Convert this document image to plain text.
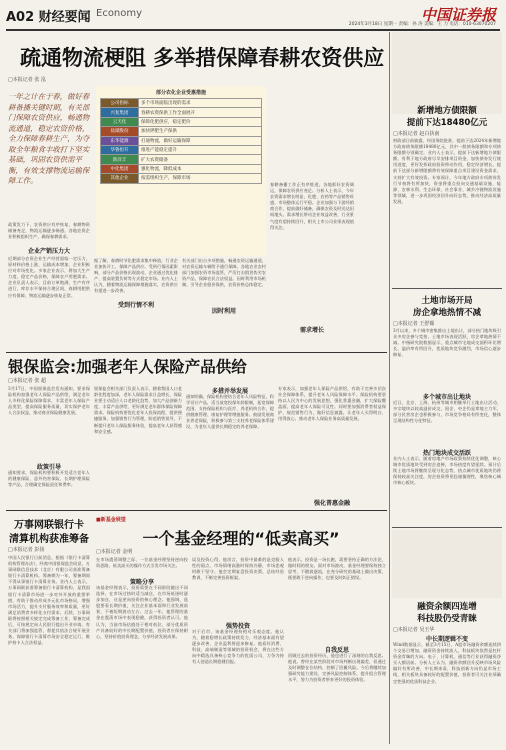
A02 财经要闻 Economy	中国证券报
2024年3月18日 星期一 责编：孙 涛 美编：王 力 电话：010-63070207
疏通物流梗阻 多举措保障春耕农资供应
□本报记者 张 泓
一年之计在于春，做好春耕备播关键时期，有关部门保障农资供应，畅通物流通道，稳定农资价格，全力保障春耕生产，为夺取全年粮食丰收打下坚实基础，巩固农资供需平衡，有效支撑物流运输保障工作。
部分农化企业受惠措施
公司指标	多个市场面临出现的需求
兴复集团	春耕农资保供工作全面展开
云天化	保障化肥供应，稳定肥价
盐湖股份	加快钾肥生产保供
东华能源	打通物流，做好运输保障
华鲁恒升	推进产能稳定提升
新洋丰	扩大农资储备
中化集团	强化物流，降低成本
其他企业	按需组织生产，保障市场
政策发力下，农资供应有序恢复，春耕物资储备充足，物流运输逐步畅通，各地农资企业积极组织生产，确保春耕需求。
企业产销压力大
近期部分农资企业生产经营面临一定压力，原材料价格上涨，运输成本增加，企业积极应对市场变化。多家企业表示，将加大生产力度，稳定产品价格，保障农户用肥需求。企业负责人表示，目前订单饱满，生产有序进行，库存水平保持合理区间，春耕用肥供应有保障，物流运输逐步恢复正常。
据了解，春耕时节化肥需求集中释放，行业企业加快开工，保障产品供应。受到行情因素影响，部分产品价格出现波动，企业通过优化排产、提高装置负荷等方式稳定市场。业内人士认为，随着物流运输保障措施落实，农资供应有望进一步改善。
受到行情不利
有关部门出台多项措施，畅通农资运输通道，对农资运输车辆给予通行保障。各地农业农村部门加强农资市场监管，严厉打击假冒伪劣农资产品，保障农民合法权益。因时利用市场机制，引导企业稳价保供，农资价格总体稳定。
因时利用
春耕备播工作正有序推进，各地抓好农资调运，保障农资供应充足。分析人士表示，今年农资需求增长明显，化肥、农药等产品销售旺盛，市场整体运行平稳。企业加强与下游经销商合作，提前做好储备，确保农资及时送达田间地头。需求增长带动企业效益改善，行业景气度有望持续回升，相关上市公司业绩表现值得关注。
需求增长
新增地方债限额
提前下达18480亿元
□本报记者 赵白执南
财政部日前披露，经国务院批准，提前下达2024年新增地方政府债务限额18480亿元，其中一般债务限额和专项债务限额分别确定。业内人士表示，提前下达新增地方债限额，有利于地方政府尽早安排项目资金，加快债券发行使用进度，更好发挥政府投资带动作用，稳定经济增长。提前下达部分新增限额将有效保障重点项目建设资金需求，支持扩大有效投资。专家预计，今年地方政府专项债券发行节奏将有所加快，资金将重点投向交通基础设施、能源、农林水利、生态环保、社会事业、城乡冷链物流设施等领域，进一步巩固经济回升向好态势，推动经济高质量发展。
土地市场开局
房企拿地热情不减
□本报记者 王舒嫄
3月以来，多个城市密集推出土地出让，部分热门地块吸引众多房企参与竞拍，土地市场表现活跃，房企拿地热情不减。中指研究院数据显示，重点城市宅地成交面积环比增长，溢价率有所回升，优质地块竞争激烈，市场信心逐步修复。
多个城市出让地块
近日，北京、上海、杭州等城市相继举行土地出让活动，多宗地块以较高溢价成交，国企、央企仍是拿地主力军，部分民营房企也积极参与，市场竞争格局有所变化，整体呈现结构性分化特征。
热门地块成交活跃
业内人士表示，随着房地产市场政策持续优化调整，核心城市优质地块受到房企追捧，市场热度有望延续。预计后续土地市场将继续呈现分化态势，热点城市优质地块仍将保持较高关注度，房企投资将更趋谨慎理性，聚焦核心城市核心板块。
银保监会:加强老年人保险产品供给
□本报记者 张 超
3月17日，中国银保监会发布通知，要求保险机构加强老年人保险产品供给，满足老年人多样化保险保障需求，丰富老年人保险产品类型，提高保险服务质量，切实保护老年人合法权益，推动商业保险健康发展。
政策引导
通知要求，保险机构要积极开发适合老年人的健康保险、意外伤害保险、长期护理保险等产品，合理确定保险责任和费率。
银保监会相关部门负责人表示，随着我国人口老龄化程度加深，老年人保险需求日益增长，保险业要主动适应人口老龄化趋势，加大产品创新力度，丰富产品供给，更好满足老年群体保险保障需求。保险机构要优化老年人投保流程，提供便捷服务，加强销售行为管理，防范销售误导，不断提升老年人保险服务体验，提高老年人获得感和安全感。
多措并举发展
通知明确，保险机构要结合老年人风险特征，科学设计产品，适当放宽投保年龄限制，拓宽保障范围。支持保险机构与医疗、养老机构合作，提供健康管理、康复护理等增值服务。鼓励发展商业养老保险，积极参与第三支柱养老保险体系建设，为老年人提供长期稳定的养老保障。
专家表示，加强老年人保险产品供给，有助于完善多层次社会保障体系，提升老年人风险保障水平。保险机构要坚持以人民为中心的发展思想，强化普惠金融，扩大保险覆盖面，提高老年人保险可及性。同时要加强消费者权益保护，规范销售行为，做好信息披露，让老年人买得明白、用得放心，推动老年人保险业务高质量发展。
强化普惠金融
万事网联银行卡
清算机构获准筹备
□本报记者 彭扬
中国人民银行日前消息，根据《银行卡清算机构管理办法》，经商中国银保监会同意，万事网联信息技术（北京）有限公司获准筹备银行卡清算机构。筹备期为一年，筹备期间不得从事银行卡清算业务。业内人士表示，万事网联获准筹备银行卡清算机构，是我国银行卡清算市场进一步对外开放的重要举措，有助于推动形成多元化市场格局，增强市场活力，提升支付服务效率和质量，更好满足消费者多样化支付需求。后续，万事网联将按照相关规定完成筹备工作，筹备完成后，可按规定向人民银行提出开业申请。有关部门将加强监管，督促其依法合规开展业务，保障银行卡清算市场安全稳定运行，维护持卡人合法权益。
■新基金展望
一个基金经理的“低卖高买”
□本报记者 金明
在市场震荡调整之际，一位基金经理坚持逆向投资思路，低卖高买的操作方式引发市场关注。
策略分享
该基金经理表示，投资需要在不同阶段做出不同选择，在市场过热时适当减仓，在市场低迷时逐步加仓，这是逆向投资的核心理念。他强调，选股要看长期价值，关注企业基本面和行业发展前景，不被短期波动左右。过去一年，他管理的基金在震荡市场中表现稳健，获得投资者认可。他认为，当前市场估值处于相对低位，部分优质资产具备较好的中长期配置价值，投资者应保持耐心，坚持价值投资理念，分享经济发展成果。
谈及投资心得，他坦言，投资中最难的是克服人性的弱点，市场情绪高涨时保持冷静，市场悲观时敢于坚守。他会定期复盘投资决策，总结经验教训，不断完善投资框架。
强势投资
对于后市，该基金经理持相对乐观态度。他认为，随着稳增长政策持续发力，经济基本面有望逐步改善，企业盈利将迎来修复。他看好消费、科技、高端制造等领域的投资机会，将在这些方向中精选具备核心竞争力的优质公司，力争为持有人创造长期稳健回报。
他表示，投资是一场长跑，需要坚持正确的方法论，做时间的朋友。面对市场波动，基金经理要保持独立思考，不随波逐流，在充分研究的基础上做出决策，既要敢于逆向操作，也要及时纠正错误。
自我反思
回顾过去的投资经历，他也进行了深刻的自我反思。他说，曾经在某些阶段对市场判断出现偏差，但通过及时调整仓位结构，控制了回撤风险。今后将继续加强研究能力建设，完善风险控制体系，提升组合管理水平，努力为投资者带来更好的投资体验。
融资余额四连增
科技股仍受青睐
□本报记者 吴玉华
中长期逻辑不变
Wind数据显示，截至3月15日，A股市场融资余额连续四个交易日增加，融资资金持续流入，科技板块依然是杠杆资金青睐的方向。电子、计算机、通信等行业获得融资净买入额居前。分析人士认为，融资余额回升反映市场风险偏好有所改善，中长期来看，科技创新方向仍是市场主线，相关板块具备较好的配置价值，投资者可关注业绩确定性强的优质科技企业。
